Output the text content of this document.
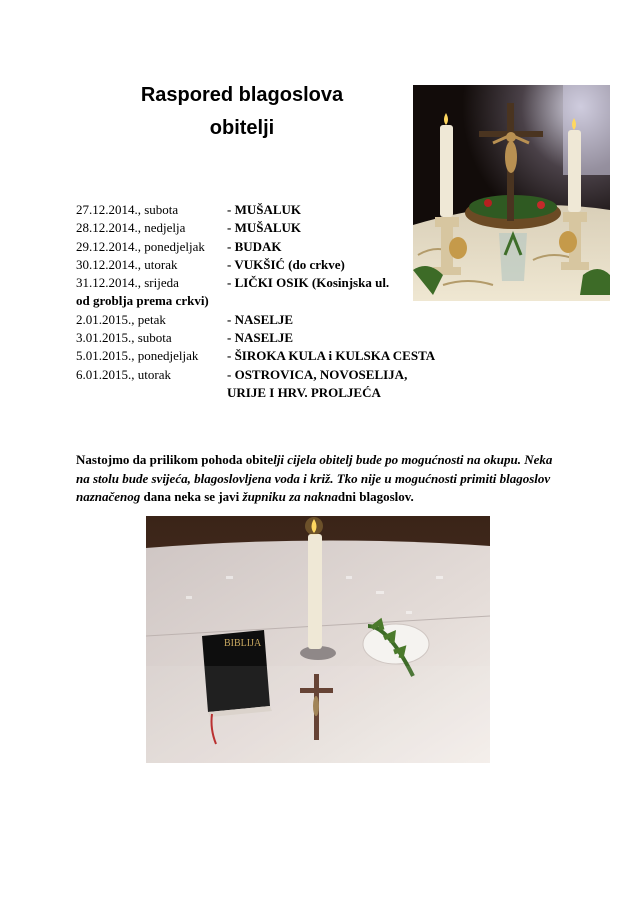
Raspored blagoslova
obitelji
27.12.2014., subota	- MUŠALUK
28.12.2014., nedjelja	- MUŠALUK
29.12.2014., ponedjeljak - BUDAK
30.12.2014., utorak	- VUKŠIĆ (do crkve)
31.12.2014., srijeda	- LIČKI OSIK (Kosinjska ul.
od groblja prema crkvi)
2.01.2015., petak	- NASELJE
3.01.2015., subota	- NASELJE
5.01.2015., ponedjeljak - ŠIROKA KULA i KULSKA CESTA
6.01.2015., utorak	- OSTROVICA, NOVOSELIJA, URIJE I HRV. PROLJEĆA

Nastojmo da prilikom pohoda obitelji cijela obitelj bude po mogućnosti na okupu. Neka na stolu bude svijeća, blagoslovljena voda i križ. Tko nije u mogućnosti primiti blagoslov naznačenog dana neka se javi župniku za naknadni blagoslov.

BIBLIJA
